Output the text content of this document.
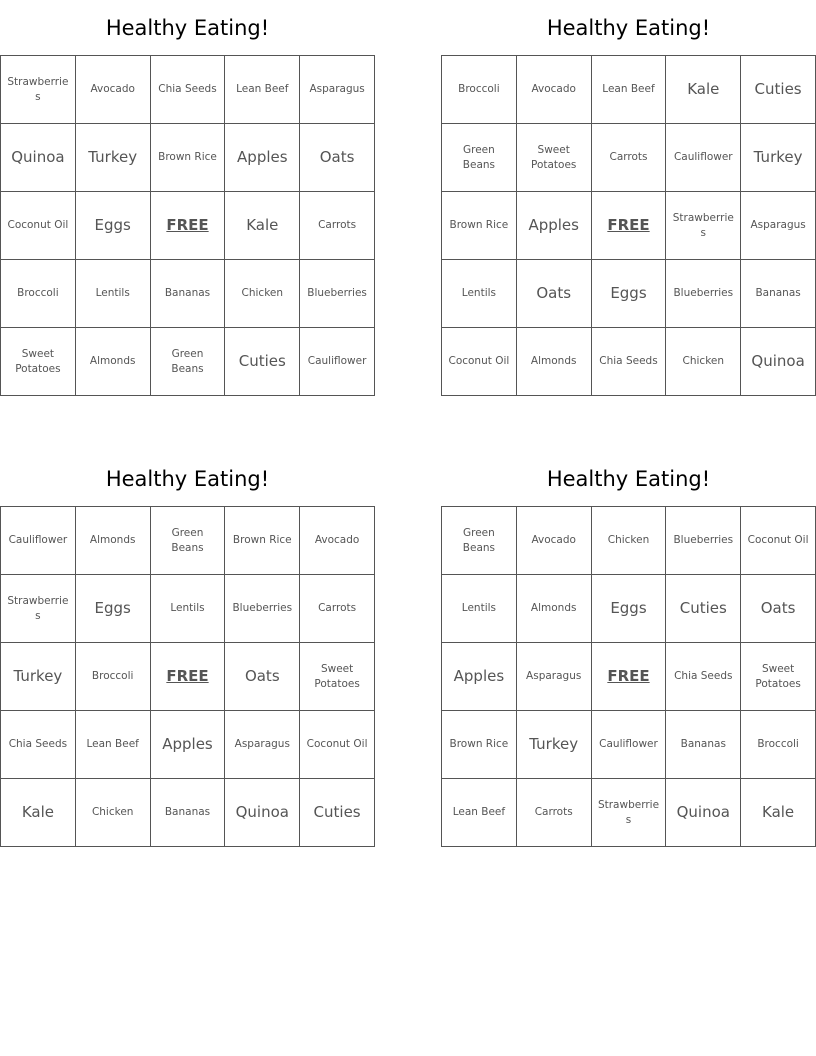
Healthy Eating!
Strawberries	Avocado	Chia Seeds	Lean Beef	Asparagus
Quinoa	Turkey	Brown Rice	Apples	Oats
Coconut Oil	Eggs	FREE	Kale	Carrots
Broccoli	Lentils	Bananas	Chicken	Blueberries
Sweet Potatoes	Almonds	Green Beans	Cuties	Cauliflower
Healthy Eating!
Broccoli	Avocado	Lean Beef	Kale	Cuties
Green Beans	Sweet Potatoes	Carrots	Cauliflower	Turkey
Brown Rice	Apples	FREE	Strawberries	Asparagus
Lentils	Oats	Eggs	Blueberries	Bananas
Coconut Oil	Almonds	Chia Seeds	Chicken	Quinoa
Healthy Eating!
Cauliflower	Almonds	Green Beans	Brown Rice	Avocado
Strawberries	Eggs	Lentils	Blueberries	Carrots
Turkey	Broccoli	FREE	Oats	Sweet Potatoes
Chia Seeds	Lean Beef	Apples	Asparagus	Coconut Oil
Kale	Chicken	Bananas	Quinoa	Cuties
Healthy Eating!
Green Beans	Avocado	Chicken	Blueberries	Coconut Oil
Lentils	Almonds	Eggs	Cuties	Oats
Apples	Asparagus	FREE	Chia Seeds	Sweet Potatoes
Brown Rice	Turkey	Cauliflower	Bananas	Broccoli
Lean Beef	Carrots	Strawberries	Quinoa	Kale
